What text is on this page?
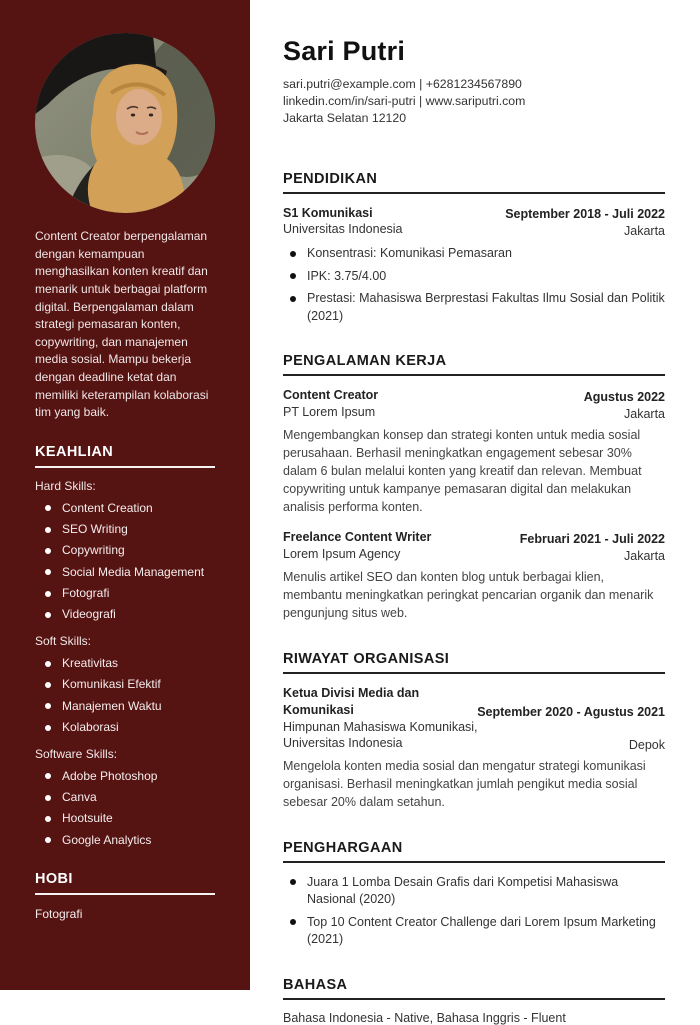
Content Creator berpengalaman dengan kemampuan menghasilkan konten kreatif dan menarik untuk berbagai platform digital. Berpengalaman dalam strategi pemasaran konten, copywriting, dan manajemen media sosial. Mampu bekerja dengan deadline ketat dan memiliki keterampilan kolaborasi tim yang baik.

KEAHLIAN
Hard Skills:
Content Creation
SEO Writing
Copywriting
Social Media Management
Fotografi
Videografi
Soft Skills:
Kreativitas
Komunikasi Efektif
Manajemen Waktu
Kolaborasi
Software Skills:
Adobe Photoshop
Canva
Hootsuite
Google Analytics
HOBI
Fotografi
Sari Putri
sari.putri@example.com | +6281234567890
linkedin.com/in/sari-putri | www.sariputri.com
Jakarta Selatan 12120
PENDIDIKAN
S1 Komunikasi	September 2018 - Juli 2022
Universitas Indonesia	Jakarta
Konsentrasi: Komunikasi Pemasaran
IPK: 3.75/4.00
Prestasi: Mahasiswa Berprestasi Fakultas Ilmu Sosial dan Politik (2021)
PENGALAMAN KERJA
Content Creator	Agustus 2022
PT Lorem Ipsum	Jakarta

Mengembangkan konsep dan strategi konten untuk media sosial perusahaan. Berhasil meningkatkan engagement sebesar 30% dalam 6 bulan melalui konten yang kreatif dan relevan. Membuat copywriting untuk kampanye pemasaran digital dan melakukan analisis performa konten.

Freelance Content Writer	Februari 2021 - Juli 2022
Lorem Ipsum Agency	Jakarta

Menulis artikel SEO dan konten blog untuk berbagai klien, membantu meningkatkan peringkat pencarian organik dan menarik pengunjung situs web.

RIWAYAT ORGANISASI
Ketua Divisi Media dan Komunikasi	September 2020 - Agustus 2021
Himpunan Mahasiswa Komunikasi, Universitas Indonesia	Depok

Mengelola konten media sosial dan mengatur strategi komunikasi organisasi. Berhasil meningkatkan jumlah pengikut media sosial sebesar 20% dalam setahun.

PENGHARGAAN
Juara 1 Lomba Desain Grafis dari Kompetisi Mahasiswa Nasional (2020)
Top 10 Content Creator Challenge dari Lorem Ipsum Marketing (2021)
BAHASA
Bahasa Indonesia - Native, Bahasa Inggris - Fluent
